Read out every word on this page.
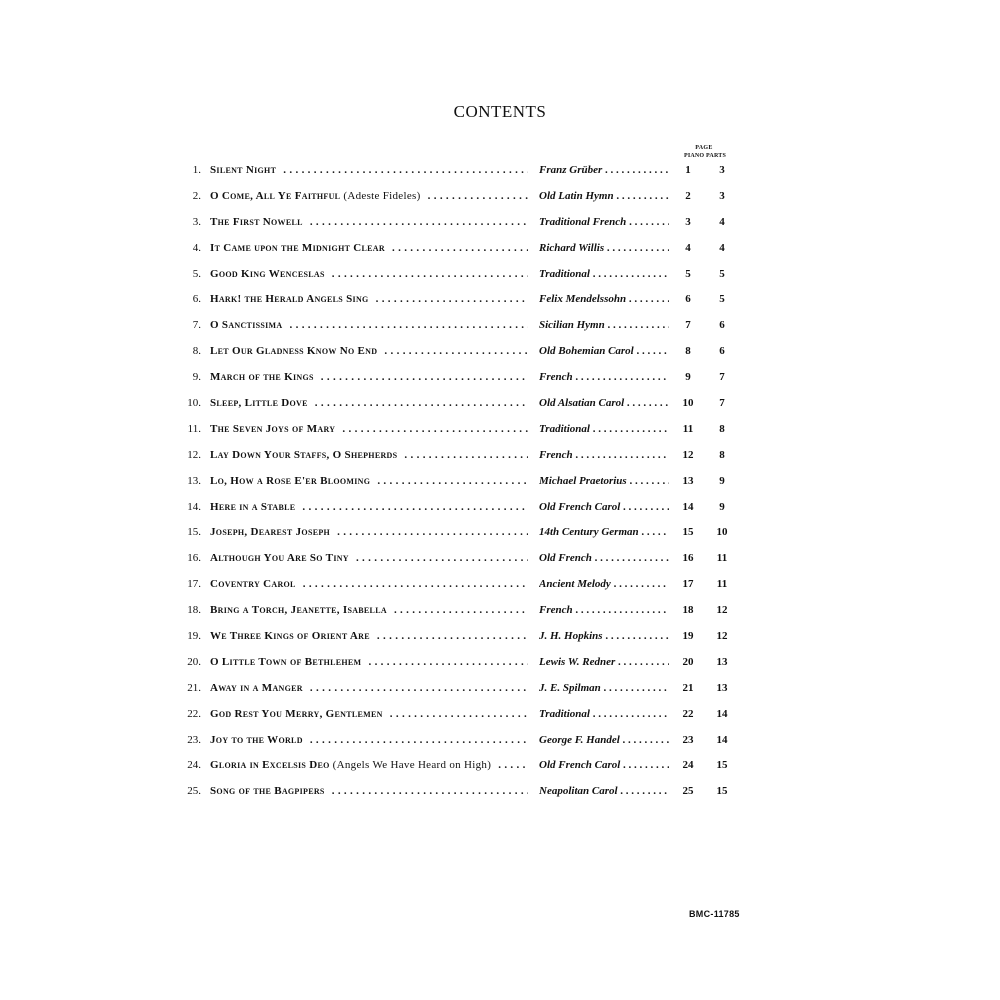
CONTENTS
PAGE
PIANO PARTS
1. Silent Night . .	Franz Grüber . .	1	3
2. O Come, All Ye Faithful (Adeste Fideles) . .	Old Latin Hymn . .	2	3
3. The First Nowell . .	Traditional French . .	3	4
4. It Came upon the Midnight Clear . .	Richard Willis . .	4	4
5. Good King Wenceslas . .	Traditional . .	5	5
6. Hark! the Herald Angels Sing . .	Felix Mendelssohn . .	6	5
7. O Sanctissima . .	Sicilian Hymn . .	7	6
8. Let Our Gladness Know No End . .	Old Bohemian Carol . .	8	6
9. March of the Kings . .	French . .	9	7
10. Sleep, Little Dove . .	Old Alsatian Carol . .	10	7
11. The Seven Joys of Mary . .	Traditional . .	11	8
12. Lay Down Your Staffs, O Shepherds . .	French . .	12	8
13. Lo, How a Rose E'er Blooming . .	Michael Praetorius . .	13	9
14. Here in a Stable . .	Old French Carol . .	14	9
15. Joseph, Dearest Joseph . .	14th Century German . .	15	10
16. Although You Are So Tiny . .	Old French . .	16	11
17. Coventry Carol . .	Ancient Melody . .	17	11
18. Bring a Torch, Jeanette, Isabella . .	French . .	18	12
19. We Three Kings of Orient Are . .	J. H. Hopkins . .	19	12
20. O Little Town of Bethlehem . .	Lewis W. Redner . .	20	13
21. Away in a Manger . .	J. E. Spilman . .	21	13
22. God Rest You Merry, Gentlemen . .	Traditional . .	22	14
23. Joy to the World . .	George F. Handel . .	23	14
24. Gloria in Excelsis Deo (Angels We Have Heard on High) . .	Old French Carol . .	24	15
25. Song of the Bagpipers . .	Neapolitan Carol . .	25	15
BMC-11785
